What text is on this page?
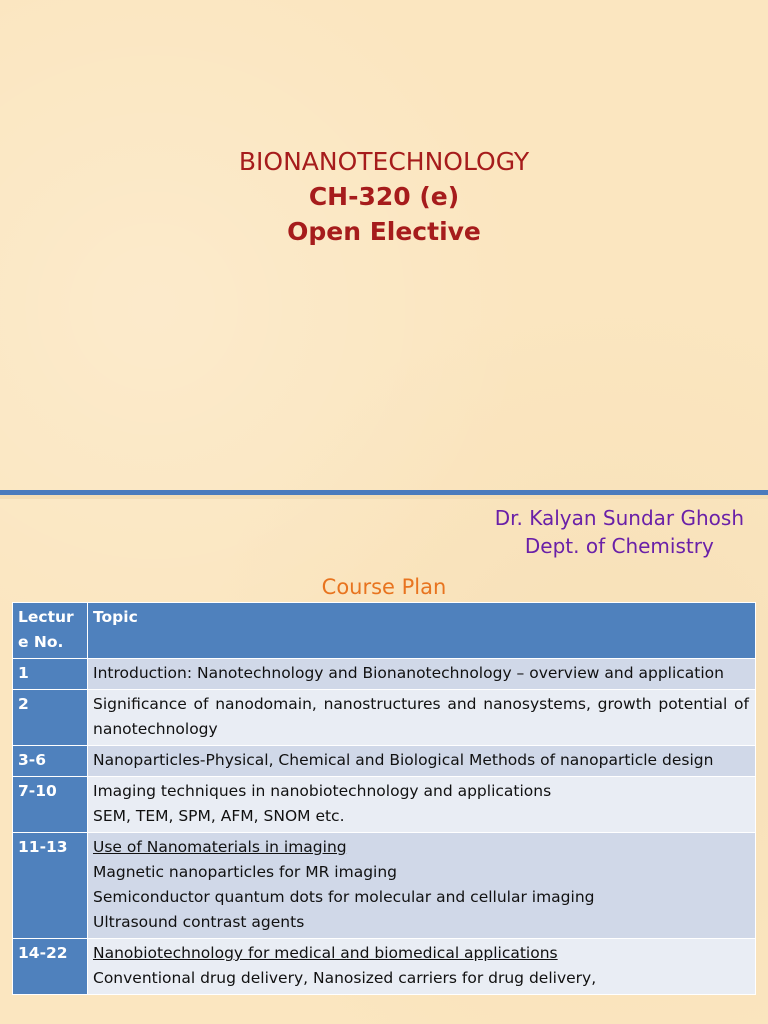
BIONANOTECHNOLOGY
CH-320 (e)
Open Elective
Dr. Kalyan Sundar Ghosh
Dept. of Chemistry
Course Plan
Lectur e No.	Topic
1	Introduction: Nanotechnology and Bionanotechnology – overview and application

2	Significance of nanodomain, nanostructures and nanosystems, growth potential of nanotechnology

3-6	Nanoparticles-Physical, Chemical and Biological Methods of nanoparticle design

7-10	Imaging techniques in nanobiotechnology and applications
SEM, TEM, SPM, AFM, SNOM etc.

11-13	Use of Nanomaterials in imaging
Magnetic nanoparticles for MR imaging
Semiconductor quantum dots for molecular and cellular imaging
Ultrasound contrast agents

14-22	Nanobiotechnology for medical and biomedical applications
Conventional drug delivery, Nanosized carriers for drug delivery,
